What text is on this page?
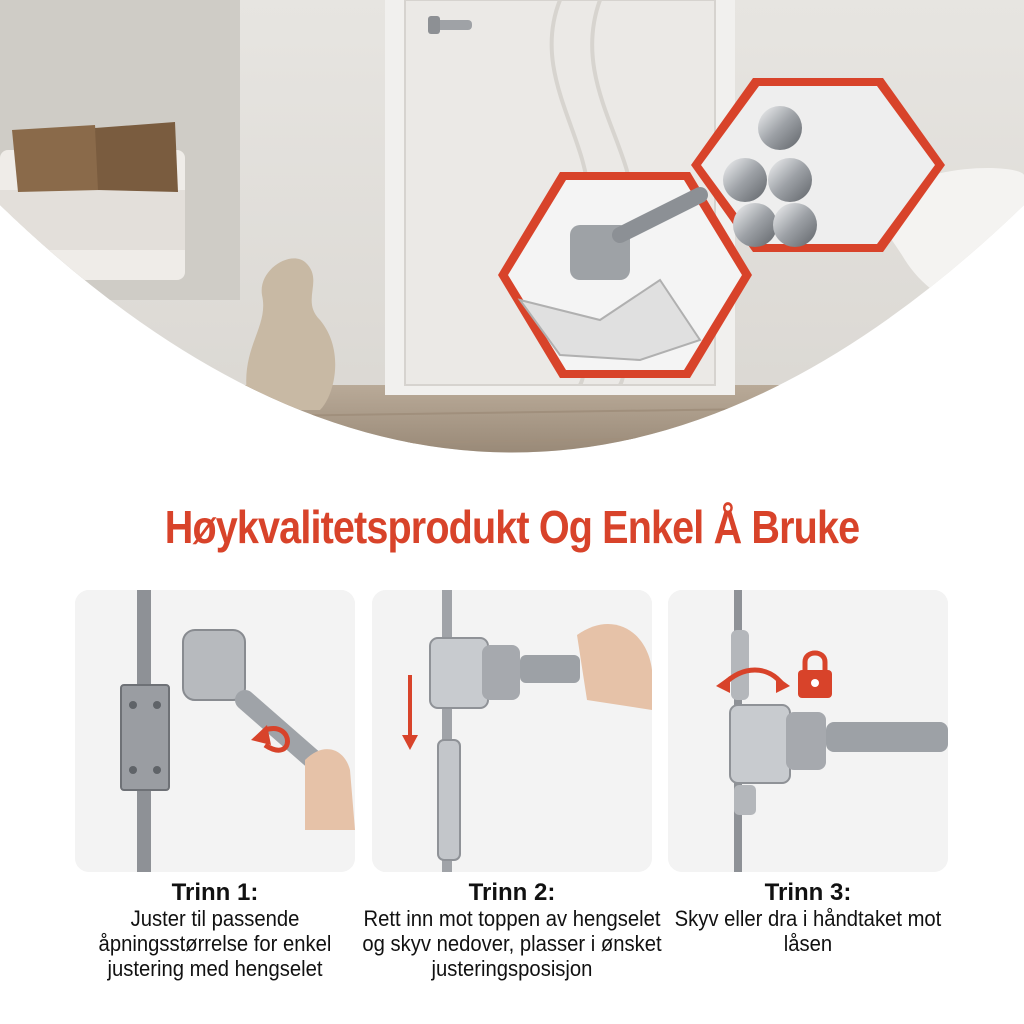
Høykvalitetsprodukt Og Enkel Å Bruke
Trinn 1:
Juster til passende åpningsstørrelse for enkel justering med hengselet
Trinn 2:
Rett inn mot toppen av hengselet og skyv nedover, plasser i ønsket justeringsposisjon
Trinn 3:
Skyv eller dra i håndtaket mot låsen
